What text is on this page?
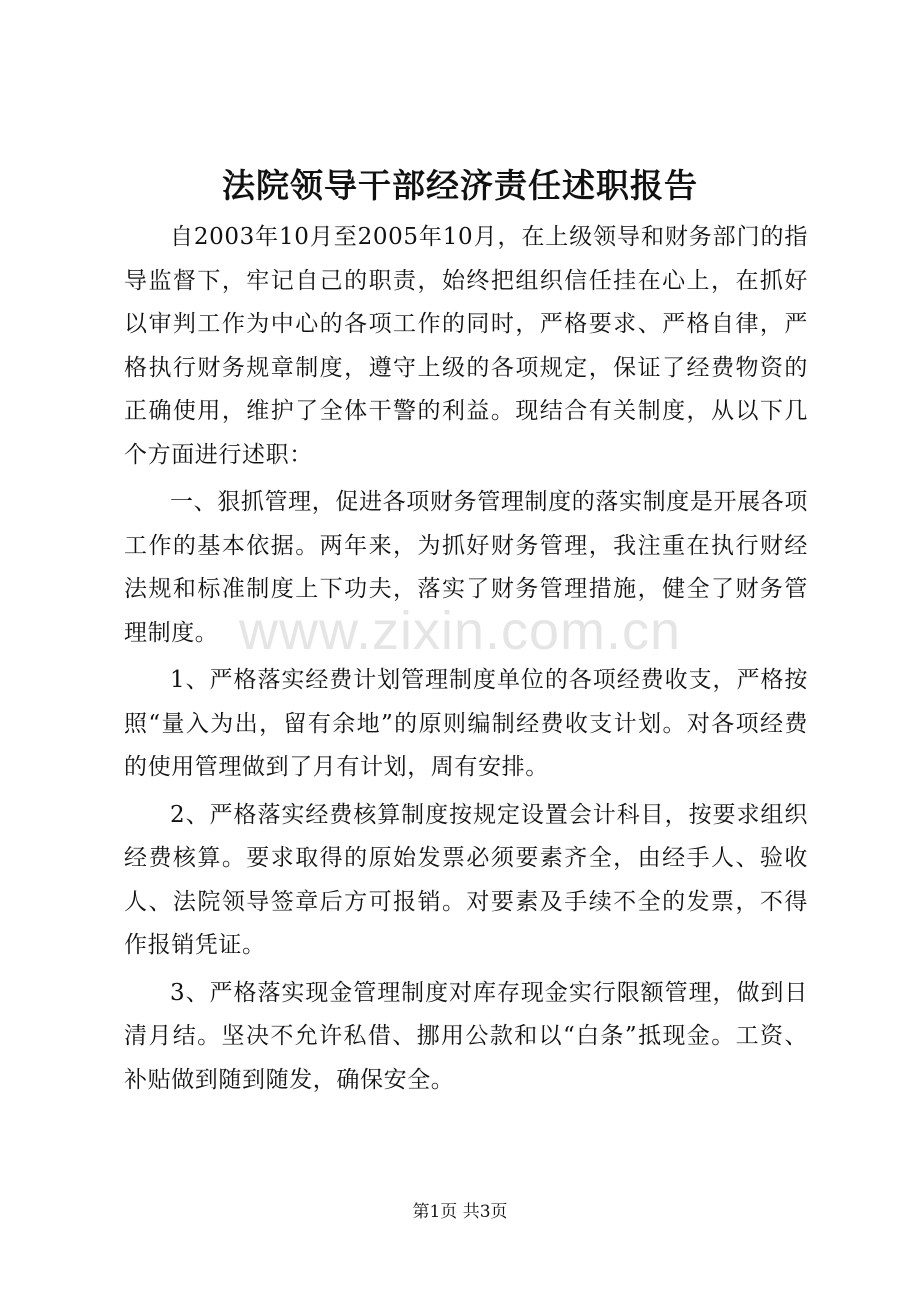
法院领导干部经济责任述职报告

自2003年10月至2005年10月，在上级领导和财务部门的指导监督下，牢记自己的职责，始终把组织信任挂在心上，在抓好以审判工作为中心的各项工作的同时，严格要求、严格自律，严格执行财务规章制度，遵守上级的各项规定，保证了经费物资的正确使用，维护了全体干警的利益。现结合有关制度，从以下几个方面进行述职：

一、狠抓管理，促进各项财务管理制度的落实制度是开展各项工作的基本依据。两年来，为抓好财务管理，我注重在执行财经法规和标准制度上下功夫，落实了财务管理措施，健全了财务管理制度。

1、严格落实经费计划管理制度单位的各项经费收支，严格按照“量入为出，留有余地”的原则编制经费收支计划。对各项经费的使用管理做到了月有计划，周有安排。

2、严格落实经费核算制度按规定设置会计科目，按要求组织经费核算。要求取得的原始发票必须要素齐全，由经手人、验收人、法院领导签章后方可报销。对要素及手续不全的发票，不得作报销凭证。

3、严格落实现金管理制度对库存现金实行限额管理，做到日清月结。坚决不允许私借、挪用公款和以“白条”抵现金。工资、补贴做到随到随发，确保安全。

www.zixin.com.cn
第1页 共3页
